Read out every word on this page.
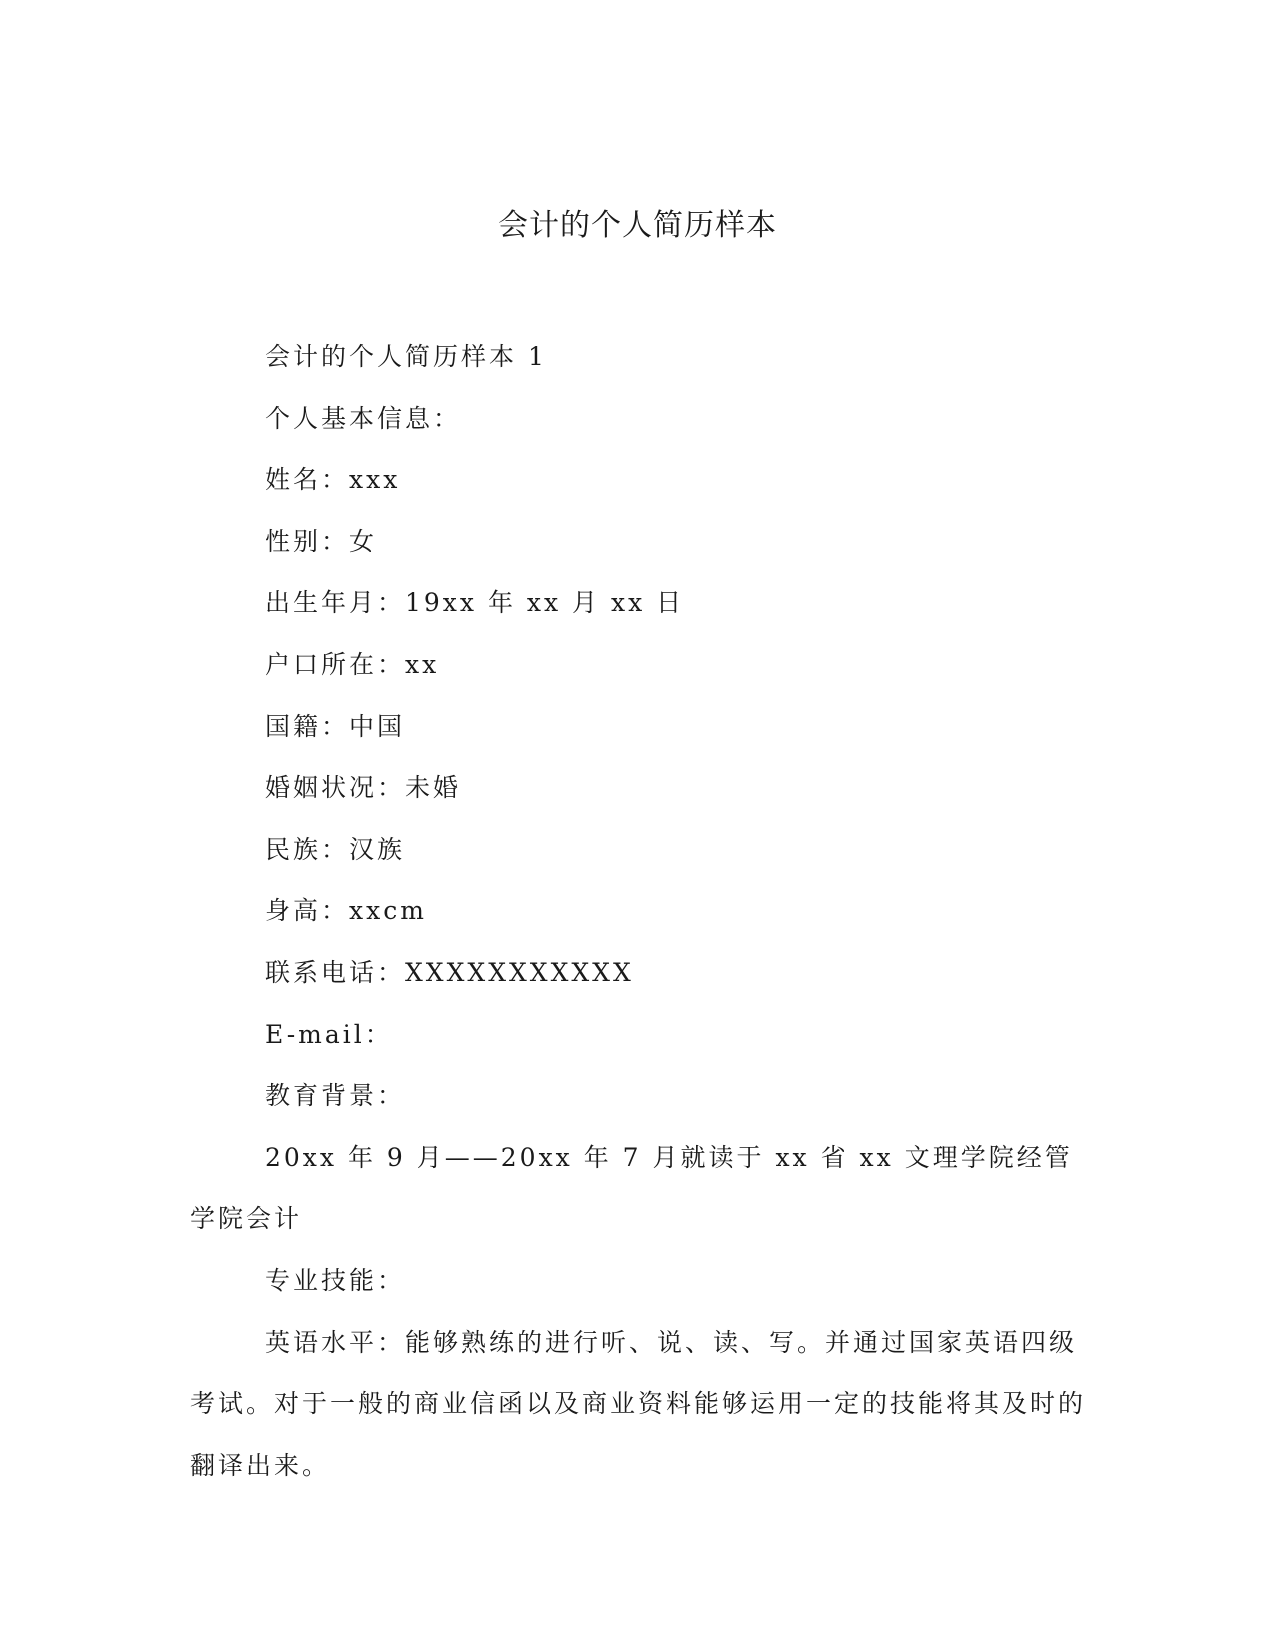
会计的个人简历样本

会计的个人简历样本 1

个人基本信息：

姓名：xxx

性别：女

出生年月：19xx 年 xx 月 xx 日

户口所在：xx

国籍：中国

婚姻状况：未婚

民族：汉族

身高：xxcm

联系电话：XXXXXXXXXXX

E-mail：

教育背景：

20xx 年 9 月——20xx 年 7 月就读于 xx 省 xx 文理学院经管学院会计

专业技能：

英语水平：能够熟练的进行听、说、读、写。并通过国家英语四级考试。对于一般的商业信函以及商业资料能够运用一定的技能将其及时的翻译出来。
